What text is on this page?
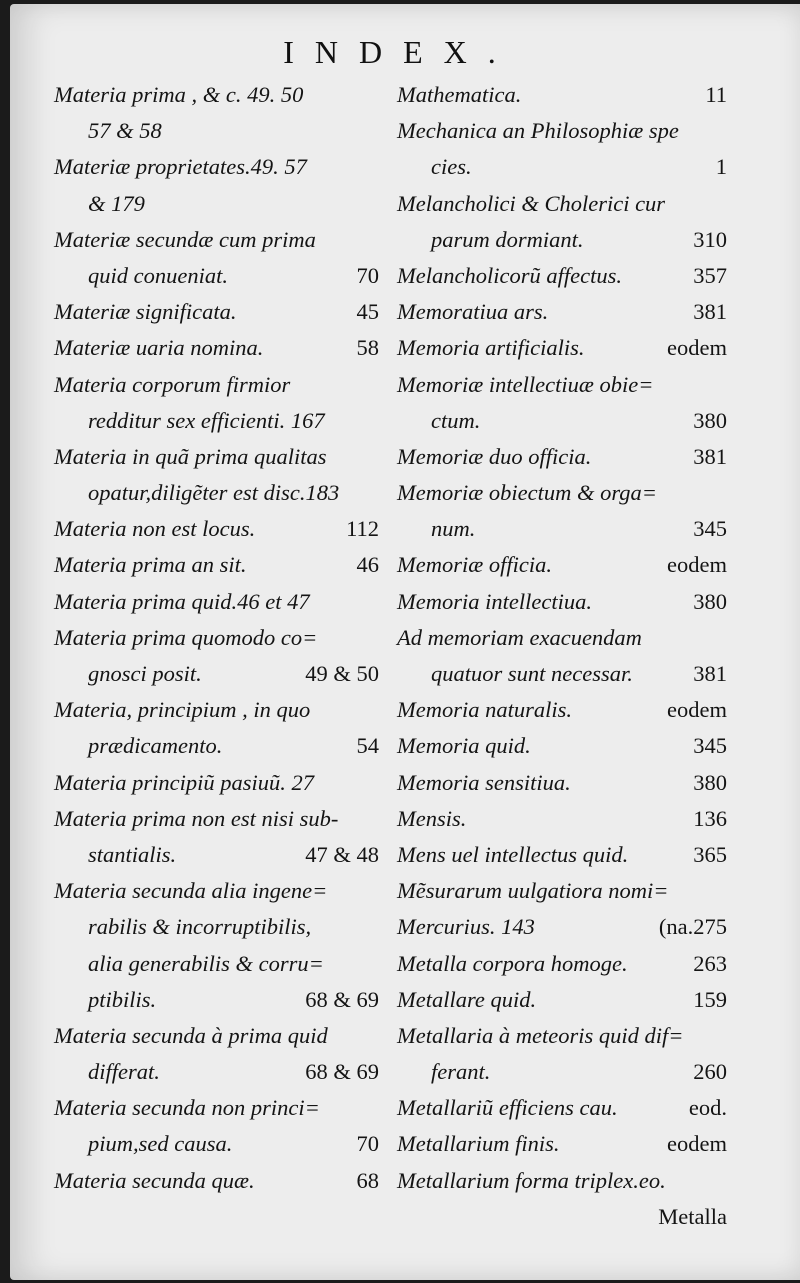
INDEX.
Materia prima , & c. 49. 50
57 & 58
Materiæ proprietates.49. 57
& 179
Materiæ secundæ cum prima
quid conueniat.	70
Materiæ significata.	45
Materiæ uaria nomina.	58
Materia corporum firmior
redditur sex efficienti. 167
Materia in quã prima qualitas
opatur,diligẽter est disc.183
Materia non est locus.	112
Materia prima an sit.	46
Materia prima quid.46 et 47
Materia prima quomodo co=
gnosci posit.	49 & 50
Materia, principium , in quo
prædicamento.	54
Materia principiũ pasiuũ. 27
Materia prima non est nisi sub-
stantialis.	47 & 48
Materia secunda alia ingene=
rabilis & incorruptibilis,
alia generabilis & corru=
ptibilis.	68 & 69
Materia secunda à prima quid
differat.	68 & 69
Materia secunda non princi=
pium,sed causa.	70
Materia secunda quæ.	68
Mathematica.	11
Mechanica an Philosophiæ spe
cies.	1
Melancholici & Cholerici cur
parum dormiant.	310
Melancholicorũ affectus.	357
Memoratiua ars.	381
Memoria artificialis.	eodem
Memoriæ intellectiuæ obie=
ctum.	380
Memoriæ duo officia.	381
Memoriæ obiectum & orga=
num.	345
Memoriæ officia.	eodem
Memoria intellectiua.	380
Ad memoriam exacuendam
quatuor sunt necessar.	381
Memoria naturalis.	eodem
Memoria quid.	345
Memoria sensitiua.	380
Mensis.	136
Mens uel intellectus quid.	365
Mẽsurarum uulgatiora nomi=
Mercurius. 143	(na.275
Metalla corpora homoge.	263
Metallare quid.	159
Metallaria à meteoris quid dif=
ferant.	260
Metallariũ efficiens cau.	eod.
Metallarium finis.	eodem
Metallarium forma triplex.eo.
Metalla
